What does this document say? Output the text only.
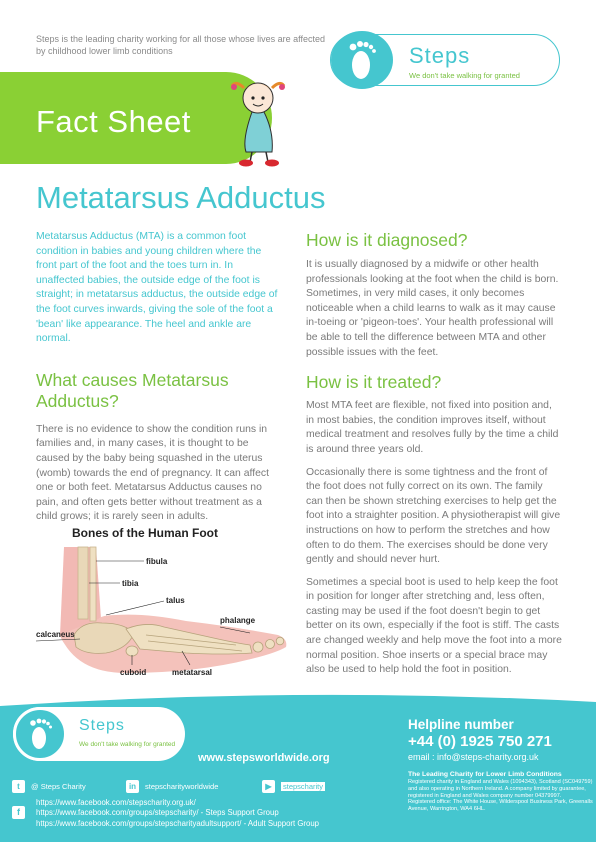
Steps is the leading charity working for all those whose lives are affected by childhood lower limb conditions	Steps
We don't take walking for granted
Fact Sheet
Metatarsus Adductus

Metatarsus Adductus (MTA) is a common foot condition in babies and young children where the front part of the foot and the toes turn in. In unaffected babies, the outside edge of the foot is straight; in metatarsus adductus, the outside edge of the foot curves inwards, giving the sole of the foot a 'bean' like appearance. The heel and ankle are normal.

What causes Metatarsus Adductus?

There is no evidence to show the condition runs in families and, in many cases, it is thought to be caused by the baby being squashed in the uterus (womb) towards the end of pregnancy. It can affect one or both feet. Metatarsus Adductus causes no pain, and often gets better without treatment as a child grows; it is rarely seen in adults.

Bones of the Human Foot
fibula
tibia
talus
phalange
calcaneus
cuboid	metatarsal
How is it diagnosed?

It is usually diagnosed by a midwife or other health professionals looking at the foot when the child is born. Sometimes, in very mild cases, it only becomes noticeable when a child learns to walk as it may cause in-toeing or 'pigeon-toes'. Your health professional will be able to tell the difference between MTA and other possible issues with the feet.

How is it treated?

Most MTA feet are flexible, not fixed into position and, in most babies, the condition improves itself, without medical treatment and resolves fully by the time a child is around three years old.

Occasionally there is some tightness and the front of the foot does not fully correct on its own. The family can then be shown stretching exercises to help get the foot into a straighter position. A physiotherapist will give instructions on how to perform the stretches and how often to do them. The exercises should be done very gently and should never hurt.

Sometimes a special boot is used to help keep the foot in position for longer after stretching and, less often, casting may be used if the foot doesn't begin to get better on its own, especially if the foot is stiff. The casts are changed weekly and help move the foot into a more normal position. Shoe inserts or a special brace may also be used to help hold the foot in position.

Steps
We don't take walking for granted
www.stepsworldwide.org
Helpline number
+44 (0) 1925 750 271
email : info@steps-charity.org.uk
The Leading Charity for Lower Limb Conditions
Registered charity in England and Wales (1094343), Scotland (SC049759) and also operating in Northern Ireland. A company limited by guarantee, registered in England and Wales company number 04379997.
Registered office: The White House, Wilderspool Business Park, Greenalls Avenue, Warrington, WA4 6HL.
t @ Steps Charity	in stepscharityworldwide	▶ stepscharity
f
https://www.facebook.com/stepscharity.org.uk/
https://www.facebook.com/groups/stepscharity/ - Steps Support Group
https://www.facebook.com/groups/stepscharityadultsupport/ - Adult Support Group
